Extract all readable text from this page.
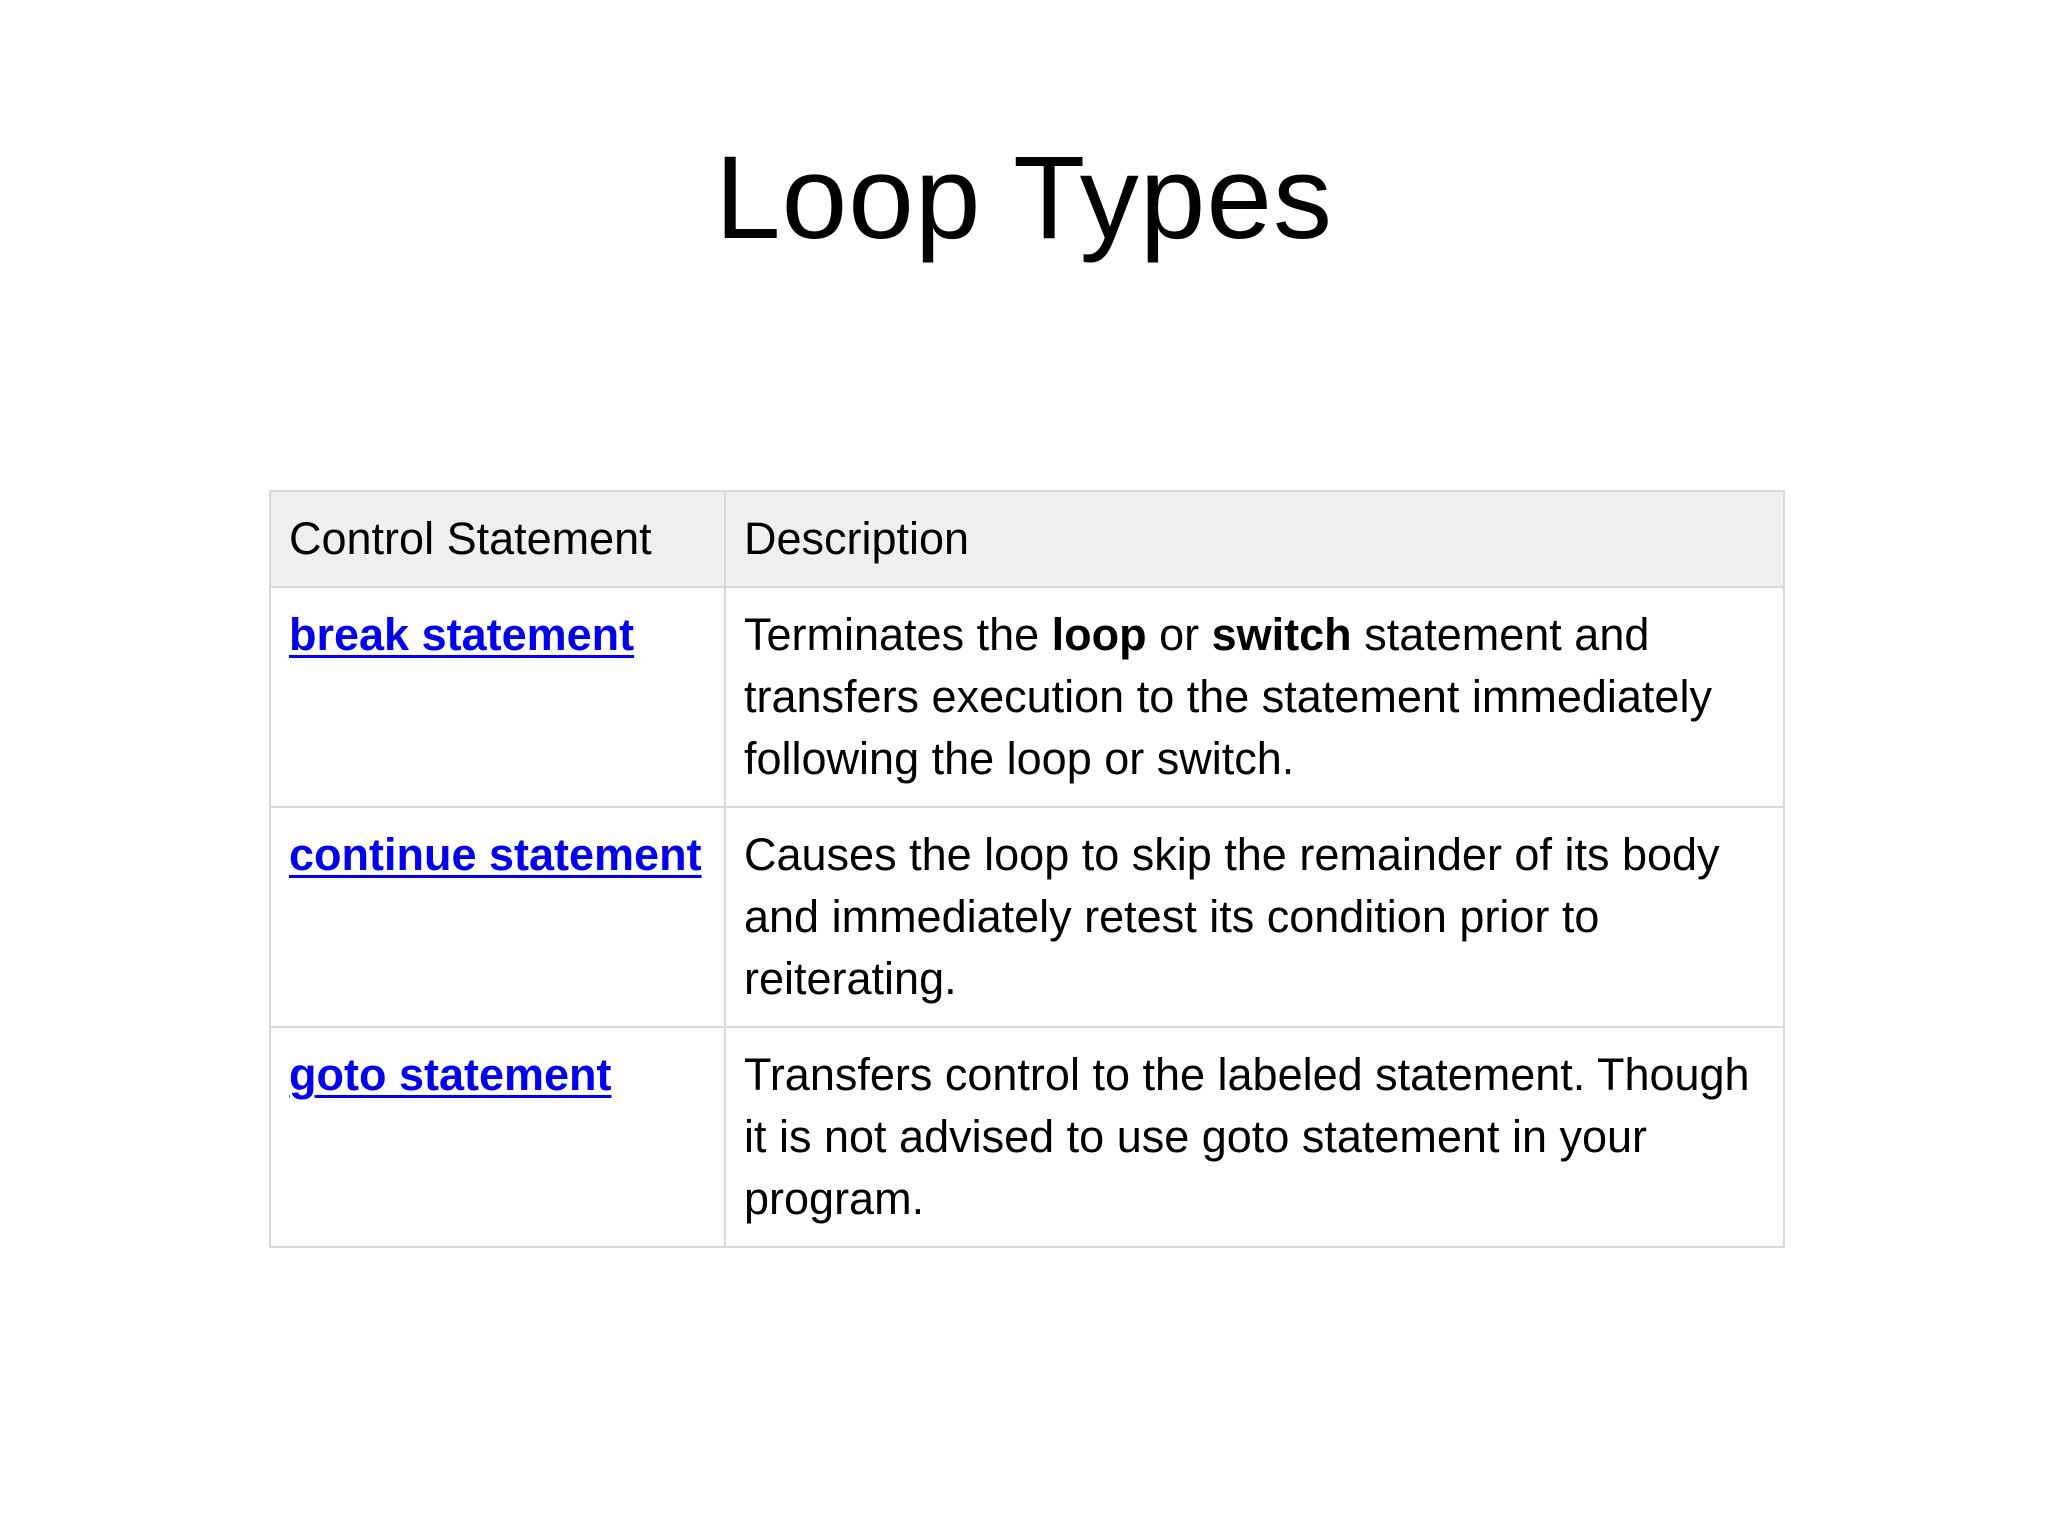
Loop Types
Control Statement	Description
break statement	Terminates the loop or switch statement and transfers execution to the statement immediately following the loop or switch.
continue statement	Causes the loop to skip the remainder of its body and immediately retest its condition prior to reiterating.
goto statement	Transfers control to the labeled statement. Though it is not advised to use goto statement in your program.
